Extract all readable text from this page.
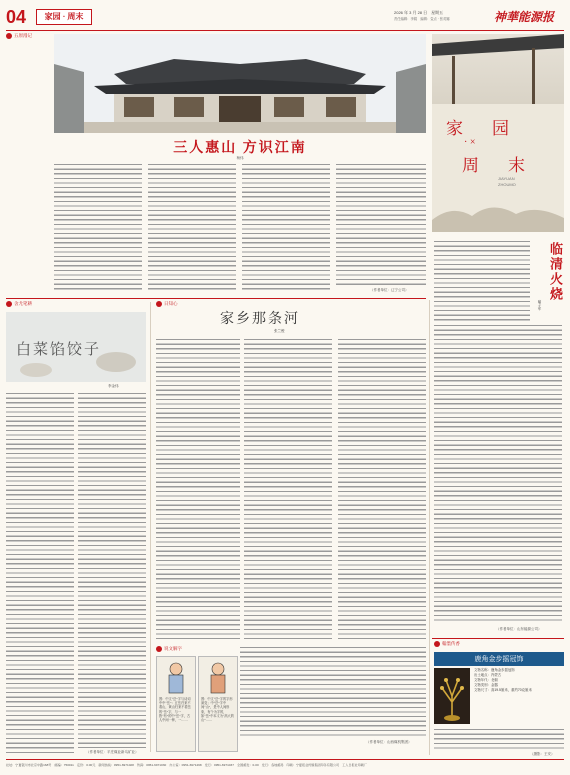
04	家园 · 周末	2026 年 3 月 28 日　星期五
责任编辑：李娟　编辑：壹点 · 张英娜	神華能源报
五原漫记
三人惠山 方识江南
杨伟
（作者单位：辽宁公司）
家　园
· ×
周　末
JIAYUAN
ZHOUMO
临清火烧
喻子军
（作者单位：山东能源公司）
舍尤笔耕
白菜馅饺子
李金伟
（作者单位：平庄煤业新乌矿业）
日知心
家乡那条河
张兰俊
（作者单位：山西煤机集团）
说文解字
图：中文“岳”字与诗词中中“岳”：五岳归来不看山，黄山归来不看岳的“岳”字，与一拨“有”的中“岳”字，古人中间一种，一……
图：中文“岳”字的字形演变；中“岳”字中间“山”，是中人间形象，有个为字的，如“岳”中本义为“高大的山”……
翰墨传香
鹿角金步摇冠饰
文物名称：鹿角金步摇冠饰
出土地点：内蒙古
文物年代：北朝
文物类别：金器
文物尺寸：高19.5厘米，重约70克厘米
（摄影：王安）
社址：宁夏银川市北京中路168号　邮编：750011　定价：0.00元　新闻热线：0951-6971028　传真：0951-6971030　办公室：0951-6971298　发行：0951-6971037　全国邮发：0-00　发行：各地邮局　印刷：宁夏报业传媒集团印务有限公司　工人日报社印刷厂
